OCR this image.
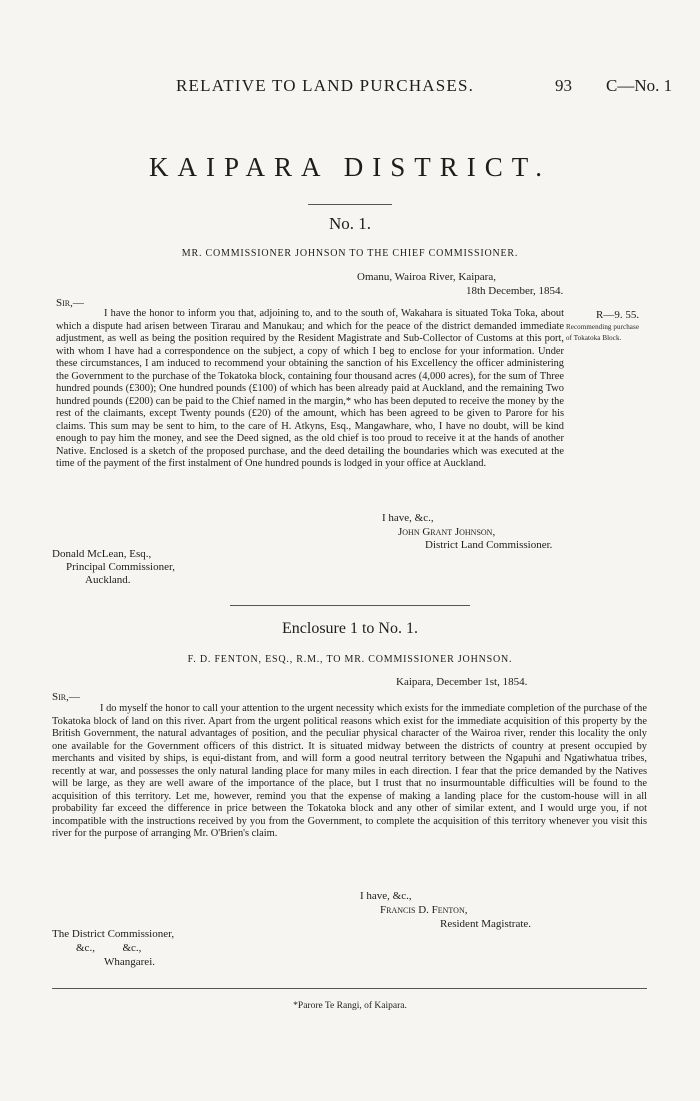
RELATIVE TO LAND PURCHASES.	93 C—No. 1
KAIPARA DISTRICT.
No. 1.
MR. COMMISSIONER JOHNSON TO THE CHIEF COMMISSIONER.
Omanu, Wairoa River, Kaipara,
18th December, 1854.
Sir,—
R—9. 55.
Recommending purchase
of Tokatoka Block.
I have the honor to inform you that, adjoining to, and to the south of, Wakahara is situated Toka Toka, about which a dispute had arisen between Tirarau and Manukau; and which for the peace of the district demanded immediate adjustment, as well as being the position required by the Resident Magistrate and Sub-Collector of Customs at this port, with whom I have had a correspondence on the subject, a copy of which I beg to enclose for your information. Under these circumstances, I am induced to recommend your obtaining the sanction of his Excellency the officer administering the Government to the purchase of the Tokatoka block, containing four thousand acres (4,000 acres), for the sum of Three hundred pounds (£300); One hundred pounds (£100) of which has been already paid at Auckland, and the remaining Two hundred pounds (£200) can be paid to the Chief named in the margin,* who has been deputed to receive the money by the rest of the claimants, except Twenty pounds (£20) of the amount, which has been agreed to be given to Parore for his claims. This sum may be sent to him, to the care of H. Atkyns, Esq., Mangawhare, who, I have no doubt, will be kind enough to pay him the money, and see the Deed signed, as the old chief is too proud to receive it at the hands of another Native. Enclosed is a sketch of the proposed purchase, and the deed detailing the boundaries which was executed at the time of the payment of the first instalment of One hundred pounds is lodged in your office at Auckland.
I have, &c.,
John Grant Johnson,
District Land Commissioner.
Donald McLean, Esq.,
Principal Commissioner,
Auckland.
Enclosure 1 to No. 1.
F. D. FENTON, ESQ., R.M., TO MR. COMMISSIONER JOHNSON.
Kaipara, December 1st, 1854.
Sir,—
I do myself the honor to call your attention to the urgent necessity which exists for the immediate completion of the purchase of the Tokatoka block of land on this river. Apart from the urgent political reasons which exist for the immediate acquisition of this property by the British Government, the natural advantages of position, and the peculiar physical character of the Wairoa river, render this locality the only one available for the Government officers of this district. It is situated midway between the districts of country at present occupied by merchants and visited by ships, is equi-distant from, and will form a good neutral territory between the Ngapuhi and Ngatiwhatua tribes, recently at war, and possesses the only natural landing place for many miles in each direction. I fear that the price demanded by the Natives will be large, as they are well aware of the importance of the place, but I trust that no insurmountable difficulties will be found to the acquisition of this territory. Let me, however, remind you that the expense of making a landing place for the custom-house will in all probability far exceed the difference in price between the Tokatoka block and any other of similar extent, and I would urge you, if not incompatible with the instructions received by you from the Government, to complete the acquisition of this territory whenever you visit this river for the purpose of arranging Mr. O'Brien's claim.
I have, &c.,
Francis D. Fenton,
Resident Magistrate.
The District Commissioner,
&c.,          &c.,
Whangarei.
*Parore Te Rangi, of Kaipara.
